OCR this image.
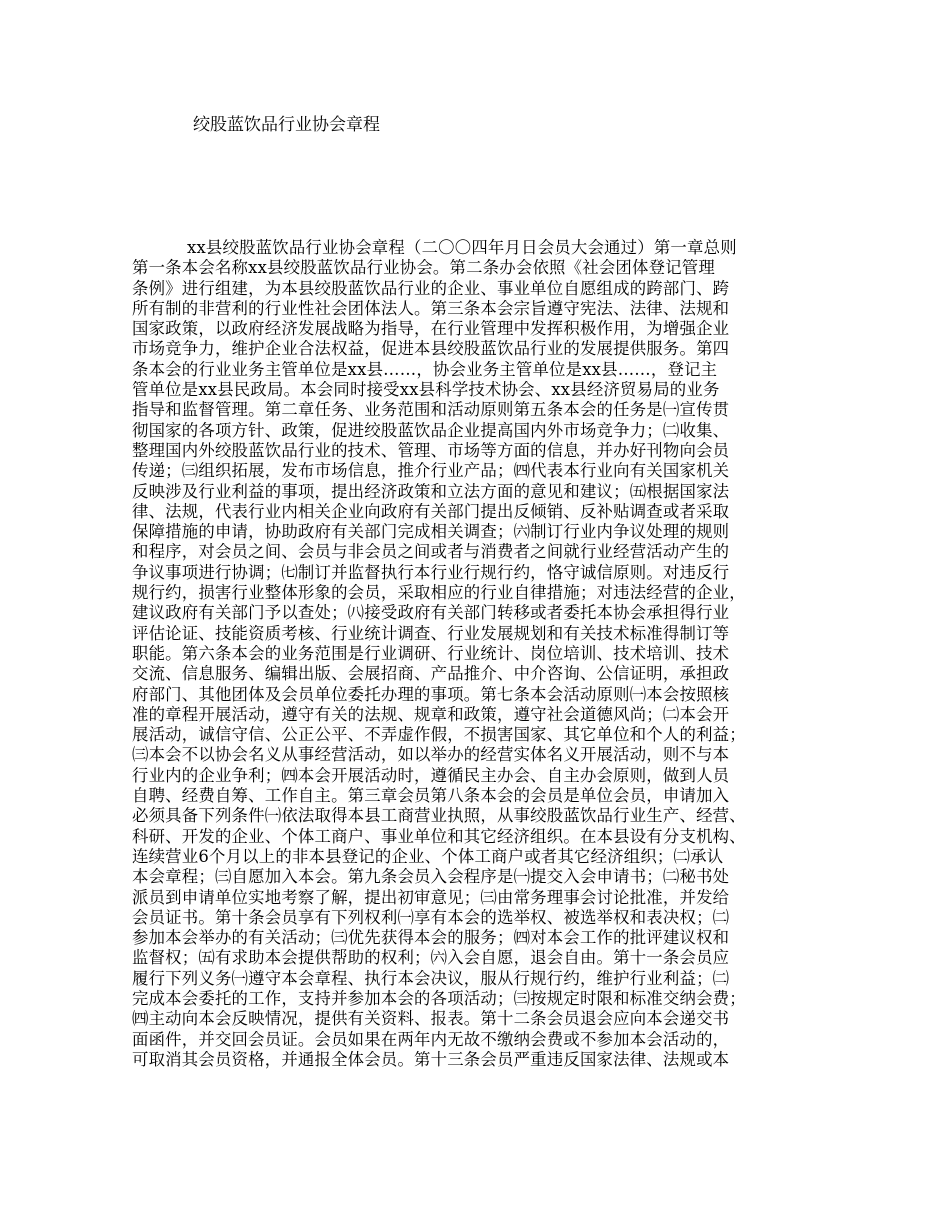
绞股蓝饮品行业协会章程

xx县绞股蓝饮品行业协会章程（二〇〇四年月日会员大会通过）第一章总则
第一条本会名称xx县绞股蓝饮品行业协会。第二条办会依照《社会团体登记管理
条例》进行组建，为本县绞股蓝饮品行业的企业、事业单位自愿组成的跨部门、跨
所有制的非营利的行业性社会团体法人。第三条本会宗旨遵守宪法、法律、法规和
国家政策，以政府经济发展战略为指导，在行业管理中发挥积极作用，为增强企业
市场竞争力，维护企业合法权益，促进本县绞股蓝饮品行业的发展提供服务。第四
条本会的行业业务主管单位是xx县……，协会业务主管单位是xx县……，登记主
管单位是xx县民政局。本会同时接受xx县科学技术协会、xx县经济贸易局的业务
指导和监督管理。第二章任务、业务范围和活动原则第五条本会的任务是㈠宣传贯
彻国家的各项方针、政策，促进绞股蓝饮品企业提高国内外市场竞争力；㈡收集、
整理国内外绞股蓝饮品行业的技术、管理、市场等方面的信息，并办好刊物向会员
传递；㈢组织拓展，发布市场信息，推介行业产品；㈣代表本行业向有关国家机关
反映涉及行业利益的事项，提出经济政策和立法方面的意见和建议；㈤根据国家法
律、法规，代表行业内相关企业向政府有关部门提出反倾销、反补贴调查或者采取
保障措施的申请，协助政府有关部门完成相关调查；㈥制订行业内争议处理的规则
和程序，对会员之间、会员与非会员之间或者与消费者之间就行业经营活动产生的
争议事项进行协调；㈦制订并监督执行本行业行规行约，恪守诚信原则。对违反行
规行约，损害行业整体形象的会员，采取相应的行业自律措施；对违法经营的企业，
建议政府有关部门予以查处；㈧接受政府有关部门转移或者委托本协会承担得行业
评估论证、技能资质考核、行业统计调查、行业发展规划和有关技术标准得制订等
职能。第六条本会的业务范围是行业调研、行业统计、岗位培训、技术培训、技术
交流、信息服务、编辑出版、会展招商、产品推介、中介咨询、公信证明，承担政
府部门、其他团体及会员单位委托办理的事项。第七条本会活动原则㈠本会按照核
准的章程开展活动，遵守有关的法规、规章和政策，遵守社会道德风尚；㈡本会开
展活动，诚信守信、公正公平、不弄虚作假，不损害国家、其它单位和个人的利益；
㈢本会不以协会名义从事经营活动，如以举办的经营实体名义开展活动，则不与本
行业内的企业争利；㈣本会开展活动时，遵循民主办会、自主办会原则，做到人员
自聘、经费自筹、工作自主。第三章会员第八条本会的会员是单位会员，申请加入
必须具备下列条件㈠依法取得本县工商营业执照，从事绞股蓝饮品行业生产、经营、
科研、开发的企业、个体工商户、事业单位和其它经济组织。在本县设有分支机构、
连续营业6个月以上的非本县登记的企业、个体工商户或者其它经济组织；㈡承认
本会章程；㈢自愿加入本会。第九条会员入会程序是㈠提交入会申请书；㈡秘书处
派员到申请单位实地考察了解，提出初审意见；㈢由常务理事会讨论批准，并发给
会员证书。第十条会员享有下列权利㈠享有本会的选举权、被选举权和表决权；㈡
参加本会举办的有关活动；㈢优先获得本会的服务；㈣对本会工作的批评建议权和
监督权；㈤有求助本会提供帮助的权利；㈥入会自愿，退会自由。第十一条会员应
履行下列义务㈠遵守本会章程、执行本会决议，服从行规行约，维护行业利益；㈡
完成本会委托的工作，支持并参加本会的各项活动；㈢按规定时限和标准交纳会费；
㈣主动向本会反映情况，提供有关资料、报表。第十二条会员退会应向本会递交书
面函件，并交回会员证。会员如果在两年内无故不缴纳会费或不参加本会活动的，
可取消其会员资格，并通报全体会员。第十三条会员严重违反国家法律、法规或本
